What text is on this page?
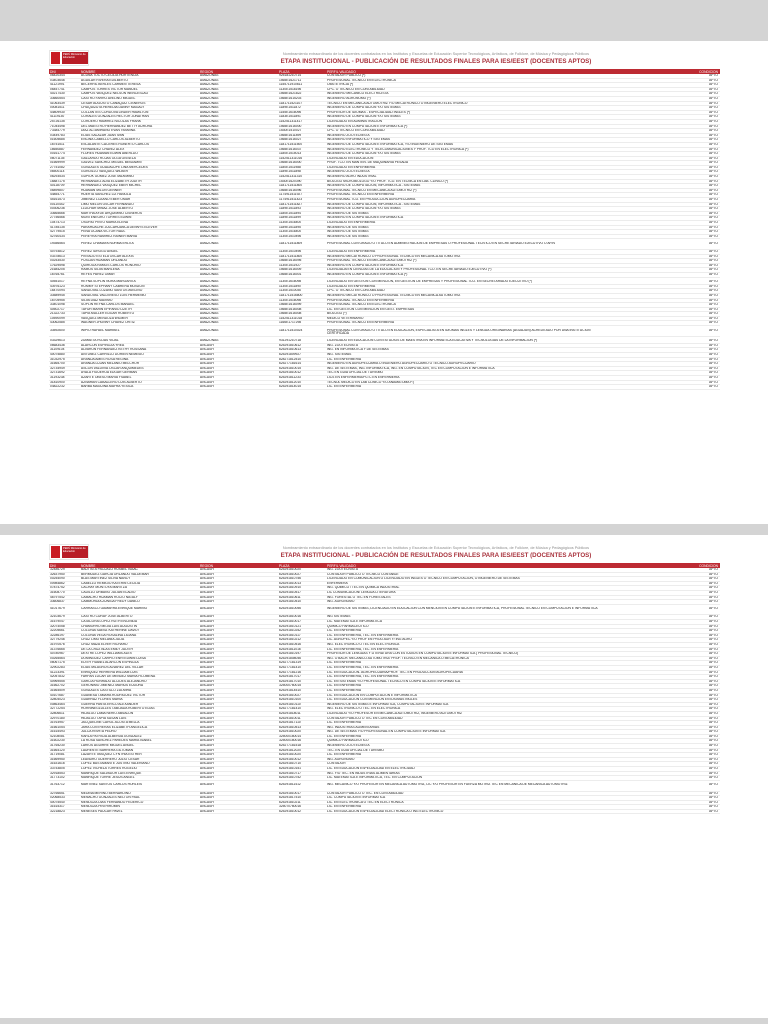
PERÚ Ministerio de Educación
Nombramiento extraordinario de los docentes contratados en los Institutos y Escuelas de Educación Superior Tecnológicos, Artísticos, de Folklore, de Música y Pedagógicos Públicos
ETAPA INSTITUCIONAL - PUBLICACIÓN DE RESULTADOS FINALES PARA IES/EEST (DOCENTES APTOS)
DNI	NOMBRE	REGION	PLAZA	PERFIL VALIDADO	CONDICION
06420344	ACUÑA TOCTO CECILIA HORTENCIA	AMAZONAS	925181210714	CONTADOR PÚBLICO (*)	APTO
03403646	AGUILAR RIVERA EDILBERTO	AMAZONAS	1565E1621711	PROFESIONAL TÉCNICO EN ELECTRÓNICA	APTO
41121991	BECERRIL BERLES CARMEN TERESA	AMAZONAS	1155711910611	OBSTETRICIA (*)	APTO
06457741	CAMPOS TORRES VICTOR MANUEL	AMAZONAS	1130E1518196	CPC. O TÉCNICO EN CONTABILIDAD	APTO
40217430	CAMPOS VASQUEZ NELSON WENCESLAO	AMAZONAS	1565E1621822	INGENIERO MECÁNICO ELECTRICISTA	APTO
33660554	CASTRO FARRO AVELINO MIGUEL	AMAZONAS	1565E1615203	INGENIERO AGRÓNOMO (*)	APTO
41063439	CESAR AUGUSTO CANAQUIZ CISNEROS	AMAZONAS	1181711521107	TÉCNICO EN MECÁNICA AUTOMOTRIZ Y/O MECATRÓNICO O INGENIERO ELECTRÓNICO	APTO
00081511	CHUQUIZUTA HEREDIA DANNY MAGALY	AMAZONAS	1189E1511872	INGENIERO DE COMPUTACIÓN Y/O SISTEMAS	APTO
44809930	COLLANTES CORDOVA LINDER HAMILTON	AMAZONAS	1155E1616096	PROFESOR DE IDIOMAS - ESPECIALIDAD INGLÉS (*)	APTO
41119130	CORALES GONZALES HECTOR JONATHAN	AMAZONAS	1183E1511891	INGENIERO DE COMPUTACIÓN Y/O SISTEMAS	APTO
25726135	CORDERO RAMIREZ NICOLAS FRANK	AMAZONAS	1152511311417	LICENCIADO EN ADMINISTRACIÓN	APTO
71044498	DEL MAESTRO HERNANDEZ BETTY AURORA	AMAZONAS	1565E1616000	INGENIERO EN COMPUTACIÓN E INFORMÁTICA (*)	APTO
73384779	DIAZ ALTAMIRANO EVAN YASMINA	AMAZONAS	1530E1510027	CPC. O TÉCNICO EN CONTABILIDAD	APTO
03449783	ELIAS SALAZAR JUAN IVAN	AMAZONAS	1565E1611899	INGENIERO ZOOTECNISTA	APTO
01605685	ENCINA CABELLO CARLOS ALBERTO	AMAZONAS	1565E1616027	INGENIERO INFORMÁTICO Y SISTEMAS	APTO
16751511	ESCALANTE CACERES ROBERTO CARLOS	AMAZONAS	1181711511500	INGENIERO DE COMPUTACIÓN E INFORMÁTICA, Y/O INGENIERO DE SISTEMAS	APTO
16650887	FERNANDEZ CHAVEZ ALEX	AMAZONAS	1565E1616037	INGENIERO ELECTRÓNICO Y TELECOMUNICACIONES Y PROF. TCO EN ELECTRÓNICA (*)	APTO
00161774	FLORES HUAMAN EDWIN ABERLDO	AMAZONAS	1180E1515013	INGENIERO DE COMPUTACIÓN Y/O SISTEMAS	APTO
06071135	GALLARDO ROJAS OLGA GISSELA	AMAZONAS	1152511311016	LICENCIADO EN EDUCACIÓN	APTO
01669999	GALVEZ SANCHEZ MIGUEL BENJAMIN	AMAZONAS	1565E1616000	PROF. TCO. EN MANTEN. DE MAQUINARIA PESADA	APTO
27751082	GONZALES GUADALUPE LINA MERCEDES	AMAZONAS	1180E1511988	LICENCIADO EN ENFERMERÍA	APTO
06500114	GORDILLO VASQUEZ WILBER	AMAZONAS	1189E1511898	INGENIERO ZOOTECNISTA	APTO
06293534	GUPIOK GOMEZ JOSE MAXIMINO	AMAZONAS	1152511311310	INGENIERO AGRO INDUSTRIAL	APTO
16887175	HERNANDEZ ALVA ELIZABETH JUDITH	AMAZONAS	1530E1620390	BIÓLOGO MICROBIÓLOGO Y/O PROF. TCO. EN TÉCNICA EN LAB. CLÍNICO (*)	APTO
40118709	HERNANDEZ VASQUEZ EBER MICHEL	AMAZONAS	1181711511800	INGENIERO DE COMPUTACIÓN, INFORMÁTICA - SISTEMAS	APTO
06899807	HUAMAN MILON GENNER	AMAZONAS	1565E1616096	PROFESIONAL TÉCNICO EN MECÁNICA AUTOMOTRIZ (*)	APTO
44854771	HUERTA SANCHEZ LIZ FABIOLA	AMAZONAS	1174911511927	PROFESIONAL TÉCNICO EN ENFERMERÍA	APTO
45161573	JIMENEZ LOZANO EBER OMAR	AMAZONAS	1174911511423	PROFESIONAL TCO. EN PRODUCCIÓN AGROPECUARIA	APTO
00110442	LIMO MELON OSCAR FERNANDO	AMAZONAS	1181711511827	INGENIERO DE COMPUTACIÓN, INFORMÁTICA - SISTEMAS	APTO
00306236	LLUCHAR MINAZ JOSE ALBERTO	AMAZONAS	1189E1511893	INGENIERO DE COMPUTACIÓN Y/O SISTEMAS	APTO
33665666	MARTHA AYDE ARQUIMINO CISNEROS	AMAZONAS	1180E1511894	INGENIERO DE SISTEMAS	APTO
27756566	MONTENEGRO TORRES EDWIN	AMAZONAS	1189E1511899	INGENIERO EN COMPUTACIÓN E INFORMÁTICA	APTO
10474713	OSORIO PINTO MARIA ELENA	AMAZONAS	1130E1516400	LICENCIADO EN ENFERMERÍA	APTO
41785135	PARAHUACHE JULCAHUANCA DENNYS ELEVER	AMAZONAS	1189E1511895	INGENIERO DE SISTEMAS	APTO
42779515	PEÑA OCAÑA VICTOR RAUL	AMAZONAS	1130E1516400	INGENIERO DE SISTEMAS	APTO
42760434	PEREYRA RAMIREZ RAINER MARIA	AMAZONAS	1130E1510496	INGENIERO DE SISTEMAS	APTO

19356564	PEREZ CHAMAYA NORMA ERLITA	AMAZONAS	1181711511809	PROFESIONAL CON GRADO O TÍTULO EN ADMINISTRACIÓN DE EMPRESAS O PROFESIONAL TÉCN ICO EN SECRETARIADO EJECUTIVO O AFIN	APTO
40793812	PEREZ IDROGO ANGEL	AMAZONAS	1130E1510496	LICENCIADO EN ENFERMERÍA	APTO
03378613	PINTADO ESTELA OSCAR ALEXIS	AMAZONAS	1181711511800	INGENIERO MECATRÓNICO O PROFESIONAL TÉCNICO EN MECÁNICA AUTOMOTRIZ	APTO
00253530	PUSCAN HUAMAN ORLANDO	AMAZONAS	1565E1616095	PROFESIONAL TÉCNICO EN MECÁNICA AUTOMOTRIZ (*)	APTO
17629598	QUIROGA RAMOS CARLOS HONORIO	AMAZONAS	1130E1511927	INGENIERO EN COMPUTACIÓN E INFORMÁTICA	APTO
21684205	RAMOS SILVA MARLENA	AMAZONAS	1565E1616009	LICENCIADA EN CIENCIAS DE LA EDUCACIÓN Y PROFESIONAL TCO. EN SECRETARIADO EJECUTIVO (*)	APTO
16765761	REYES PAREZ OMAR	AMAZONAS	1565E1616001	INGENIERO EN COMPUTACIÓN E INFORMÁTICA (*)	APTO

40551017	REYNA SOPLIN NORA MARGARITA	AMAZONAS	1130E1616098	LICENCIADO EN GESTIÓN CON MENCIÓN, EN GESTIÓN DE EMPRESAS Y PROFESIONAL TCO. EN SECRETARIADO EJECUTIVO (*)	APTO
43976123	ROMMY STEPHANY CABRERA MONZON	AMAZONAS	1130E1511890	LICENCIADO EN ENFERMERÍA	APTO
16470094	SANDOVAL LOZANO SANTOS AVELINO	AMAZONAS	1130E1510030	CPC. O TÉCNICO EN CONTABILIDAD	APTO
33589945	SANDOVAL VALDIVIESO LOIS HERMENIO	AMAZONAS	1181711516800	INGENIERO MECATRÓNICO O PROFESIONAL TÉCNICO EN MECÁNICA AUTOMOTRIZ	APTO
16705955	SILVA DIAZ MAXIMO	AMAZONAS	1130E1516098	PROFESIONAL TÉCNICO EN ENFERMERÍA	APTO
33401098	SOPLIN REYNA CARLOS MANUEL	AMAZONAS	1565E1616099	PROFESIONAL TÉCNICO EN ELECTRÓNICA	APTO
40502717	TAFUR MARIN EPIFANIO LIZETH	AMAZONAS	1565E1616008	LIC. EN GESTIÓN CON MENCIÓN EN GEST. EMPRESAS	APTO
21322733	TAPIA MULLER EDGAR ROBERTO	AMAZONAS	1565E1616008	BIÓLOGO (*)	APTO
10590099	VASQUEZ MENDOZA WILMER	AMAZONAS	1152511311018	MÉDICO VETERINARIO	APTO
43062585	WAGNER JHONNY CHAVEZ ORTIZ	AMAZONAS	1166E1717298	PROFESIONAL TÉCNICO EN ENFERMERÍA	APTO

33592600	WIPIO RAFAEL MARIBEL	AMAZONAS	1181711510024	PROFESIONAL CON GRADO O TÍTULO EN EDUCACIÓN, ESPECIALISTA EN IDIOMAS INGLÉS Y LENGUA ORIGINARIAS (AGUAJUN) ACREDITADO POR UNA INSTITUCIÓN CERTIFICADA	APTO

03329613	ZUMAETA ROJAS VIDAL	AMAZONAS	931291210718	LICENCIADO EN EDUCACIÓN CON ESTUDIOS DE MAESTRÍA EN INFORMÁTICA EDUCATIVA Y TECNOLOGÍAS DE LA INFORMACIÓN (*)	APTO
06683436	ALARCON ESPINOZA YREA	ANCASH	625291810612	ING. ZOOTECNISTA	APTO
31109104	ALVARON FERNANDEZ KETHY ROSSANA	ANCASH	625291810613	ING. EN INFORMÁTICA Y DE SISTEMAS	APTO
40075880	ANTUNEZ CARRILLO DORIEN NEMESIO	ANCASH	625291809927	ING. SISTEMAS	APTO
31032975	ARANDA AMES ROSA REGINA	ANCASH	828271812510	LIC. EN ENFERMERÍA	APTO
31665700	ARANDA LUJAN MELANIO MELCHOR	ANCASH	625277181614	INGENIERO EN AGROPECUARIA O INGENIERO AGROPECUARIO O TÉCNICO AGROPECUARIO	APTO
32734949	ASCON VALDIVIA OSCAR ANQUIMEDES	ANCASH	625291810015	ING. DE SISTEMAS, ING. INFORMÁTICA, ING. EN COMPUTACIÓN, TEC EN COMPUTACIÓN E INFORMÁTICA	APTO
32731692	AYALA FIGUEROA EDGAR GERMAN	ANCASH	625291810012	TEC EN GUÍA OFICIAL DE TURISMO	APTO
31193238	AZARTE OBESO MARIA YSABEL	ANCASH	625291811233	LICS EN ENFERMERÍA/PLTC EN ENFERMERÍA	APTO
31810900	AZNARAN CABALLERO LUIS ALBERTO	ANCASH	625291812010	TÉCNOL MÉDICO EN LAB CLÍNICO Y/O ANAMATOMA P.)	APTO
04822232	BARBA MAGUIÑA MAYRA YESICA	ANCASH	625291814015	LIC. EN ENFERMERÍA	APTO
PERÚ Ministerio de Educación
Nombramiento extraordinario de los docentes contratados en los Institutos y Escuelas de Educación Superior Tecnológicos, Artísticos, de Folklore, de Música y Pedagógicos Públicos
ETAPA INSTITUCIONAL - PUBLICACIÓN DE RESULTADOS FINALES PARA IES/EEST (DOCENTES APTOS)
DNI	NOMBRE	REGION	PLAZA	PERFIL VALIDADO	CONDICION
32486729	BAUTISTA PACUALO RUSBEL ISAAC	ANCASH	625291810020	ING. ZOOTECNISTA	APTO
32637950	BERMUDEZ GARCIA ORLANDO VALDEMAR	ANCASH	625291810027	CONTADOR PÚBLICO O TÉCNICO CONTABLE	APTO
00254090	BLAS MARTINEZ SILVIA NANCY	ANCASH	625291810756	LICENCIADO EN COMUNICACIÓN O LICENCIADO EN INGLÉS O TÉCNICO EN COMPUTACIÓN, O INGENIERO DE SISTEMAS	APTO
00984862	CABELLO REMIGIO KATERIN CECILIA	ANCASH	625291810013	ENFERMERA	APTO
07874752	CACHAY MONTOYA MARITZA	ANCASH	625291810910	ING. QUÍMICO / TEC EN QUÍMICA INDUSTRIAL	APTO
31608770	CADILLO URBANO JULIAN ELADIO	ANCASH	625291810517	LIC COMUNICACIÓN/ LENGUA LITERATURA	APTO
46797542	CAMACHO HUAMAN ROCIO NATALY	ANCASH	625291810611	ING. FORESTAL O TEC EN FORESTALES	APTO
33606837	CAMMORDIA ZUÑIGA FREDY DANILO	ANCASH	625291810510	ING. AGRÓNOMO	APTO

41017679	CARRASCO GAMARRA ENRIQUE MARINO	ANCASH	625291810056	INGENIERO DE SISTEMAS, LICENCIADO EN EDUCACIÓN CON MENCIÓN EN COMPUTACIÓN E INFORMÁTICA, PROFESIONAL TÉCNICO EN COMPUTACIÓN E INFORMÁTICA	APTO
32103679	CASTRO CURAY JOSE ALBERTO	ANCASH	625291810016	ING SISTEMAS	APTO
31679047	CATACORA LOPEZ RUTH ENCINIDA	ANCASH	625291810017	LIC. MATEMÁTICA E INFORMÁTICA	APTO
32074058	CHAMORRO MEJIA LUIS AUGUSTIN	ANCASH	625291810121	QUÍMICO FARMACÉUTICO	APTO
32205661	COLONIA SAENZ KATHERINE DAVILY	ANCASH	625291810252	LIC. EN ENFERMERÍA	APTO
32286197	COLONIA VEGA ROSALINA LILIANA	ANCASH	625291810117	LIC. EN ENFERMERÍA, TEC. EN ENFERMERÍA	APTO
32779246	CRUZ LIMO MELANIA JULIA	ANCASH	625291810212	LIC. AGROPEC.Y/O PROF EN PROD AGR Y/ ING AGRO	APTO
31970576	CRUZ MAZA ELVER RICHARD	ANCASH	625291810516	ING. ELECTRÓNICO O TEC EN ELECTRÓNICA	APTO
31376665	DE LA CRUZ BLAS EMILY JUDITH	ANCASH	625291811016	LIC. EN ENFERMERÍA, TEC. EN ENFERMERÍA	APTO
40780967	DEXTRE LOPEZ WILLIAMS ALEX	ANCASH	625291810197	PROFESOR DE LENGUAS Y LITERATURA CON ESTUDIOS EN COMPUTACIÓN E INFORMÁTICA ( PROFESIONAL TÉCNICO)	APTO
00265564	DOMINGUEZ CARPIO ENRI EDWIN LUISA	ANCASH	625291808046	ING. O BACH. MECÁNICO AUTOMOTRIZ/ PROF. TÉCNICO EN MECÁNICA O MECATRÓNICA	APTO
06067175	EDITH YSABEL ALARCON ESPINOZA	ANCASH	625277181319	LIC. EN ENFERMERÍA	APTO
32902283	ELIAS MILAGROS ALVAREZ DEL VILLAR	ANCASH	625277181410	LIC. EN ENFERMERÍA, TEC. EN ENFERMERÍA	APTO
41223391	ENRIQUEZ HERRERA WILLIAM LUIS	ANCASH	625277181216	LIC. EN EDUCACIÓN- AGROPECUARIA/PROF. TEC. EN PRODUCCIÓN AGROPECUARIA	APTO
42057832	FARFAN LUCAR DE MENDEZ MARIA FILOMENA	ANCASH	625291817017	LIC. EN ENFERMERÍA, TEC. EN ENFERMERÍA	APTO
40969555	GARCIA HONRADO ALCIDES ALEJANDRO	ANCASH	625291817010	LIC. EN SISTEMAS Y/O PROFESIONAL TÉCNICO EN COMPUTACIÓN E INFORMÁTICA	APTO
31662702	GERONIMO JIMENEZ MARIUS EUDORA	ANCASH	325000760015	LIC. EN ENFERMERÍA	APTO
31664509	GONZALES CASTILLO ZULMIRA	ANCASH	625291814510	LIC. EN ENFERMERÍA	APTO
40107687	GUANESA TAMARA RODRIGUEZ VICTOR	ANCASH	625291810027	LIC. EN EDUCACIÓN EN COMPUTACIÓN E INFORMÁTICA	APTO
32804023	GUARRAZ FLORES MARIA	ANCASH	625291810100	LIC. EN EDUCACIÓN CON MENCIÓN EN IDIOMAS INGLÉS	APTO
00863464	GUERRA PANTA ERICO ALEXANDER	ANCASH	625291810110	INGENIERO DE SISTEMAS E INFORMÁTICA, COMPUTACIÓN E INFORMÁTICA	APTO
32772254	HORNINEGLULLES TABOADA ROBERTO ELIAS	ANCASH	625277181410	ING. ELECTRÓNICO O TEC. EN ELECTRÓNICA	APTO
32806611	HIDALGO LAMA NERIO ABSALON	ANCASH	625291818011	LICENCIADO Y/O PROFESOR EN MECÁNICA AUTOMOTRIZ, INGENIERO AUTOMOTRIZ	APTO
32970180	HIDALGO TAPIA SUSAN LUIS	ANCASH	625291810011	CONTADOR PÚBLICO O TEC EN CONTABILIDAD	APTO
31914957	JACQUELINE CAROL ACOSTA MELLA	ANCASH	625291817110	LIC. EN ENFERMERÍA	APTO
31661054	JARA CONTRERAS ELIZABETH ANGELICA	ANCASH	625291810513	ING. INDUSTRIAS ALIMENTARIAS	APTO
31615493	JULCA RISHTA PEDRO	ANCASH	625291810020	ING. DE SISTEMAS Y/O PROFESIONAL EN COMPUTACIÓN E INFORMÁTICA	APTO
42108081	KARLA PATRICIA ALBERDA GONZALEZ	ANCASH	325000160014	LIC. EN ENFERMERÍA	APTO
31602230	LA ROSA SANCHEZ PAREDES MARIA ISABEL	ANCASH	325000160016	QUÍMICO FARMACÉUTICO	APTO
31765230	LARIOS AGUIRRE MIGUEL ANGEL	ANCASH	625277181518	INGENIERO ZOOTECNISTA	APTO
31664120	LAURENTE BARRERA GILTOMAN	ANCASH	625291812020	TEC. EN GUÍA OFICIAL DE TURISMO	APTO
31719081	LAZARTE VASQUEZ CYNTHIA ESTHER	ANCASH	625291810020	LIC. EN ENFERMERÍA	APTO
31669950	LEANDRO GUERRERO JULIO CESAR	ANCASH	625291810012	ING. AGRÓNOMO	APTO
31631616	LOPEZ BUSTAMANTE JUSTINO VALERIANO	ANCASH	625291810710	CONTADOR	APTO
33753805	LOPEZ VICHELA TORRES ROGELIO	ANCASH	625291810151	LIC. EN EDUCACIÓN ESPECIALIDAD EN ELECTRICIDAD	APTO
32918553	MANRIQUE SALVADOR LUIS ENRIQUE	ANCASH	625291810717	ING. Y/O TEC. EN INDUSTRIAS ALIMENTARIAS	APTO
31773102	MANRIQUE TORRE JESUS ANGEL	ANCASH	625291810752	LIC. MATEMÁTICA E INFORMÁTICA, TEC. EN COMPUTACIÓN	APTO

31763712	MARTINEZ SANTOS CARLOS HORLEIS	ANCASH	625291811412	ING. MECÁNICO Y/O PROFESOR EN MECÁNICA AUTOMOTRIZ, LIC Y/O PROFESOR EN FUERZA MOTRIZ TEC EN MECÁNICA DE MECÁNICA AUTOMOTRIZ	APTO
32766651	MEDINA MERINO BERNARDINO	ANCASH	625291810017	CONTADOR PÚBLICO O TEC. EN CONTABILIDAD	APTO
02068533	MENACHO GONZALES NELTON PAUL	ANCASH	625291817510	LIC. COMPUTACIÓN E INFORMÁTICA	APTO
40075540	MENDOZA DIAS FERNANDO FEDERICO	ANCASH	625291810211	LIC. EN ELECTRÓNICA O TEC EN ELECTRÓNICA	APTO
31615317	MENDOZA PINI HIROMIN	ANCASH	325070760016	LIC. EN ENFERMERÍA	APTO
32218823	MENESES PAUCAR PAVEL	ANCASH	625291810012	LIC. EN EDUCACIÓN ESPECIALIDAD ELECTRÓNICA O ING ELECTRÓNICO	APTO
